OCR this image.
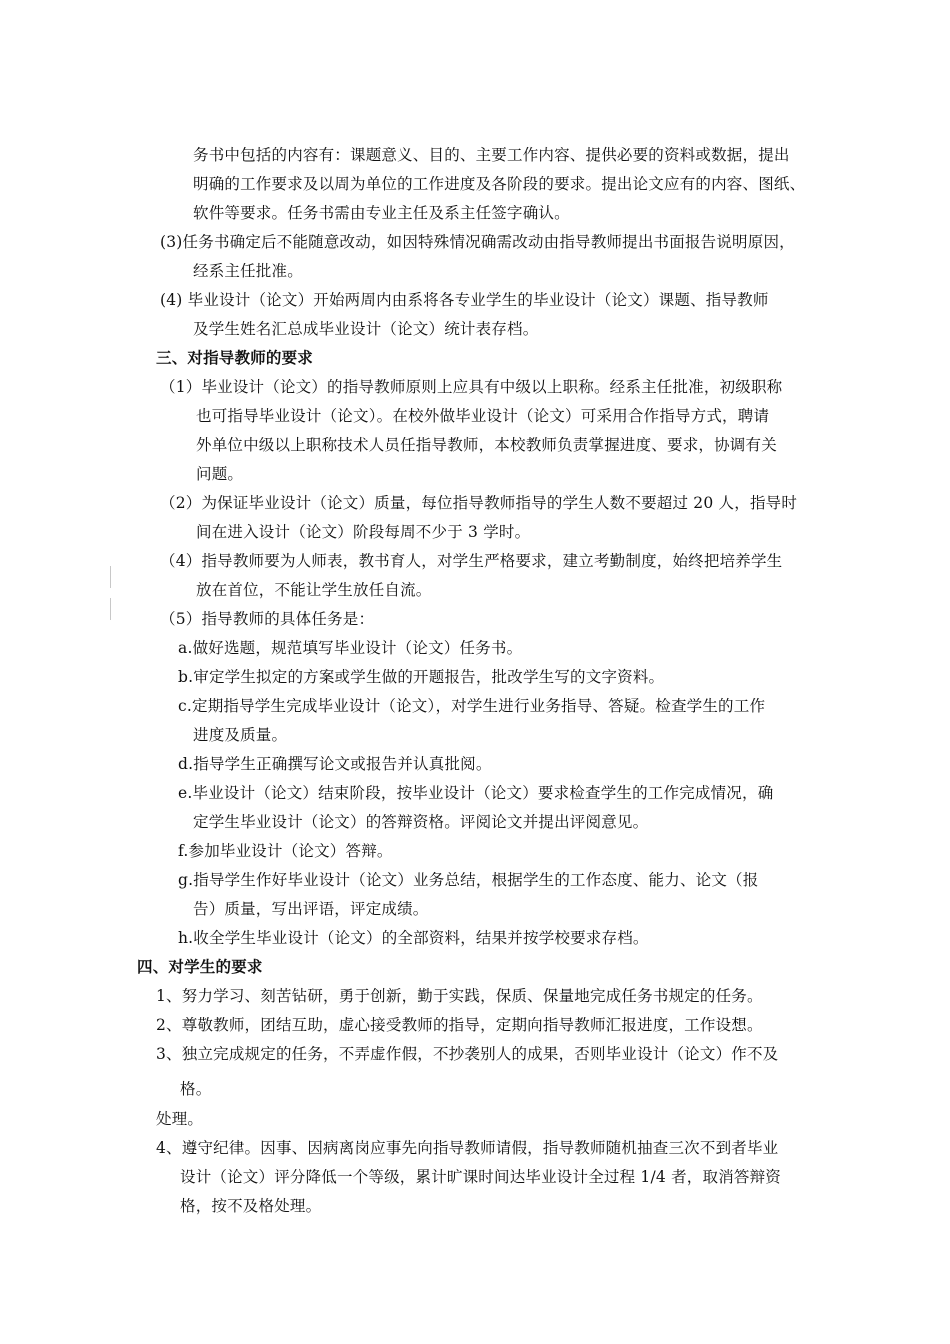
务书中包括的内容有：课题意义、目的、主要工作内容、提供必要的资料或数据，提出
明确的工作要求及以周为单位的工作进度及各阶段的要求。提出论文应有的内容、图纸、
软件等要求。任务书需由专业主任及系主任签字确认。
(3)任务书确定后不能随意改动，如因特殊情况确需改动由指导教师提出书面报告说明原因，
经系主任批准。
(4) 毕业设计（论文）开始两周内由系将各专业学生的毕业设计（论文）课题、指导教师
及学生姓名汇总成毕业设计（论文）统计表存档。
三、对指导教师的要求
（1）毕业设计（论文）的指导教师原则上应具有中级以上职称。经系主任批准，初级职称
也可指导毕业设计（论文）。在校外做毕业设计（论文）可采用合作指导方式，聘请
外单位中级以上职称技术人员任指导教师，本校教师负责掌握进度、要求，协调有关
问题。
（2）为保证毕业设计（论文）质量，每位指导教师指导的学生人数不要超过 20 人，指导时
间在进入设计（论文）阶段每周不少于 3 学时。
（4）指导教师要为人师表，教书育人，对学生严格要求，建立考勤制度，始终把培养学生
放在首位，不能让学生放任自流。
（5）指导教师的具体任务是：
a.做好选题，规范填写毕业设计（论文）任务书。
b.审定学生拟定的方案或学生做的开题报告，批改学生写的文字资料。
c.定期指导学生完成毕业设计（论文），对学生进行业务指导、答疑。检查学生的工作
进度及质量。
d.指导学生正确撰写论文或报告并认真批阅。
e.毕业设计（论文）结束阶段，按毕业设计（论文）要求检查学生的工作完成情况，确
定学生毕业设计（论文）的答辩资格。评阅论文并提出评阅意见。
f.参加毕业设计（论文）答辩。
g.指导学生作好毕业设计（论文）业务总结，根据学生的工作态度、能力、论文（报
告）质量，写出评语，评定成绩。
h.收全学生毕业设计（论文）的全部资料，结果并按学校要求存档。
四、对学生的要求
1、努力学习、刻苦钻研，勇于创新，勤于实践，保质、保量地完成任务书规定的任务。
2、尊敬教师，团结互助，虚心接受教师的指导，定期向指导教师汇报进度，工作设想。
3、独立完成规定的任务，不弄虚作假，不抄袭别人的成果，否则毕业设计（论文）作不及
格。
处理。
4、遵守纪律。因事、因病离岗应事先向指导教师请假，指导教师随机抽查三次不到者毕业
设计（论文）评分降低一个等级，累计旷课时间达毕业设计全过程 1/4 者，取消答辩资
格，按不及格处理。
